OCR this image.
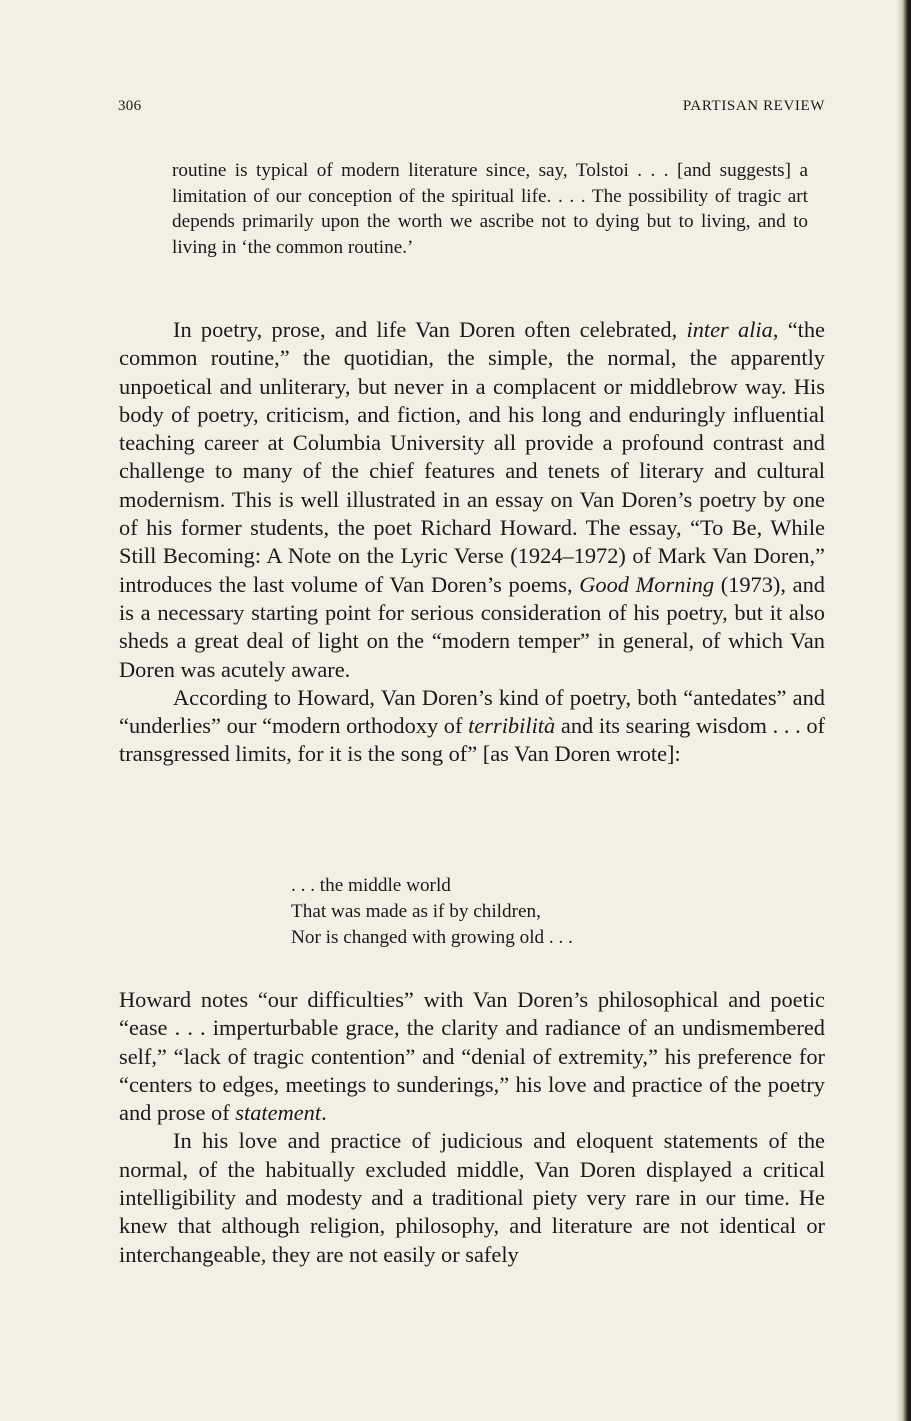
306	PARTISAN REVIEW

routine is typical of modern literature since, say, Tolstoi . . . [and suggests] a limitation of our conception of the spiritual life. . . . The possibility of tragic art depends primarily upon the worth we ascribe not to dying but to living, and to living in ‘the common routine.’

In poetry, prose, and life Van Doren often celebrated, inter alia, “the common routine,” the quotidian, the simple, the normal, the apparently unpoetical and unliterary, but never in a complacent or middlebrow way. His body of poetry, criticism, and fiction, and his long and enduringly influential teaching career at Columbia University all provide a profound contrast and challenge to many of the chief features and tenets of literary and cultural modernism. This is well illustrated in an essay on Van Doren’s poetry by one of his former students, the poet Richard Howard. The essay, “To Be, While Still Becoming: A Note on the Lyric Verse (1924–1972) of Mark Van Doren,” introduces the last volume of Van Doren’s poems, Good Morning (1973), and is a necessary starting point for serious consideration of his poetry, but it also sheds a great deal of light on the “modern temper” in general, of which Van Doren was acutely aware.

According to Howard, Van Doren’s kind of poetry, both “antedates” and “underlies” our “modern orthodoxy of terribilità and its searing wisdom . . . of transgressed limits, for it is the song of” [as Van Doren wrote]:

. . . the middle world
That was made as if by children,
Nor is changed with growing old . . .

Howard notes “our difficulties” with Van Doren’s philosophical and poetic “ease . . . imperturbable grace, the clarity and radiance of an undismembered self,” “lack of tragic contention” and “denial of extremity,” his preference for “centers to edges, meetings to sunderings,” his love and practice of the poetry and prose of statement.

In his love and practice of judicious and eloquent statements of the normal, of the habitually excluded middle, Van Doren displayed a critical intelligibility and modesty and a traditional piety very rare in our time. He knew that although religion, philosophy, and literature are not identical or interchangeable, they are not easily or safely
